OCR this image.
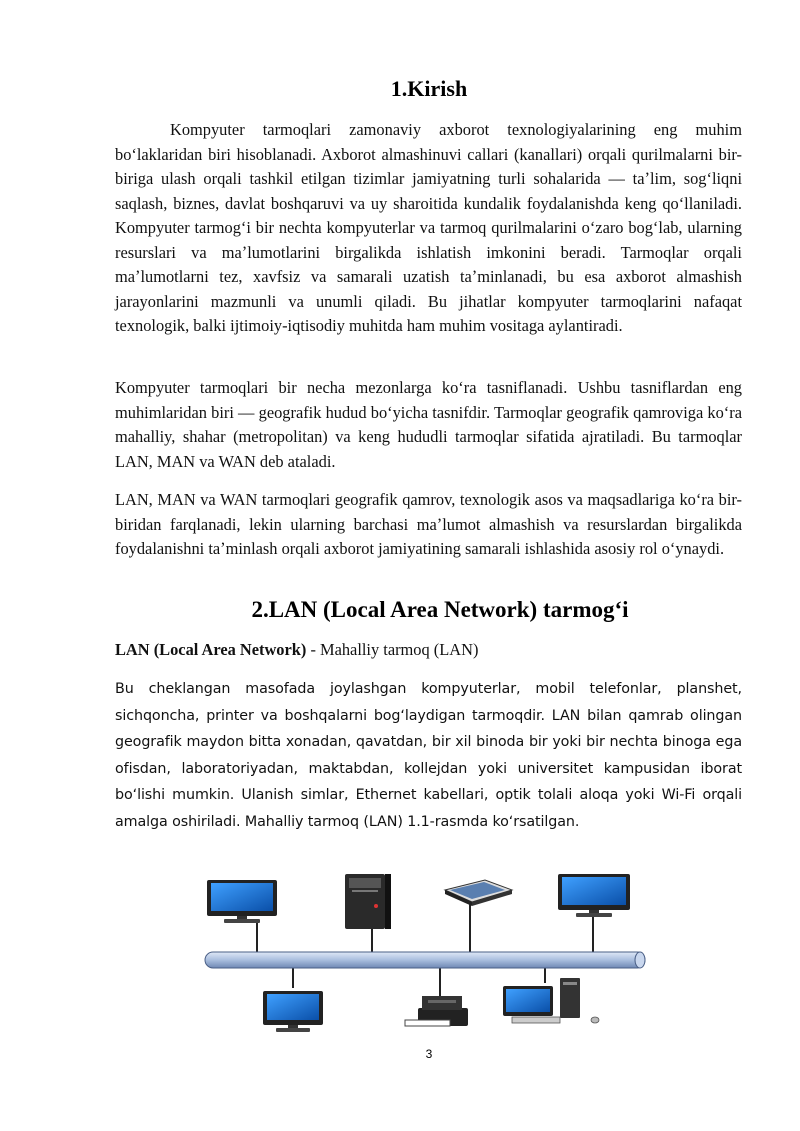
1.Kirish

Kompyuter tarmoqlari zamonaviy axborot texnologiyalarining eng muhim boʻlaklaridan biri hisoblanadi. Axborot almashinuvi callari (kanallari) orqali qurilmalarni bir-biriga ulash orqali tashkil etilgan tizimlar jamiyatning turli sohalarida — taʼlim, sogʻliqni saqlash, biznes, davlat boshqaruvi va uy sharoitida kundalik foydalanishda keng qoʻllaniladi. Kompyuter tarmogʻi bir nechta kompyuterlar va tarmoq qurilmalarini oʻzaro bogʻlab, ularning resurslari va maʼlumotlarini birgalikda ishlatish imkonini beradi. Tarmoqlar orqali maʼlumotlarni tez, xavfsiz va samarali uzatish taʼminlanadi, bu esa axborot almashish jarayonlarini mazmunli va unumli qiladi. Bu jihatlar kompyuter tarmoqlarini nafaqat texnologik, balki ijtimoiy-iqtisodiy muhitda ham muhim vositaga aylantiradi.

Kompyuter tarmoqlari bir necha mezonlarga koʻra tasniflanadi. Ushbu tasniflardan eng muhimlaridan biri — geografik hudud boʻyicha tasnifdir. Tarmoqlar geografik qamroviga koʻra mahalliy, shahar (metropolitan) va keng hududli tarmoqlar sifatida ajratiladi. Bu tarmoqlar LAN, MAN va WAN deb ataladi.

LAN, MAN va WAN tarmoqlari geografik qamrov, texnologik asos va maqsadlariga koʻra bir-biridan farqlanadi, lekin ularning barchasi maʼlumot almashish va resurslardan birgalikda foydalanishni taʼminlash orqali axborot jamiyatining samarali ishlashida asosiy rol oʻynaydi.

2.LAN (Local Area Network) tarmogʻi
LAN (Local Area Network) - Mahalliy tarmoq (LAN)

Bu cheklangan masofada joylashgan kompyuterlar, mobil telefonlar, planshet, sichqoncha, printer va boshqalarni bogʻlaydigan tarmoqdir. LAN bilan qamrab olingan geografik maydon bitta xonadan, qavatdan, bir xil binoda bir yoki bir nechta binoga ega ofisdan, laboratoriyadan, maktabdan, kollejdan yoki universitet kampusidan iborat boʻlishi mumkin. Ulanish simlar, Ethernet kabellari, optik tolali aloqa yoki Wi-Fi orqali amalga oshiriladi. Mahalliy tarmoq (LAN) 1.1-rasmda koʻrsatilgan.

3
